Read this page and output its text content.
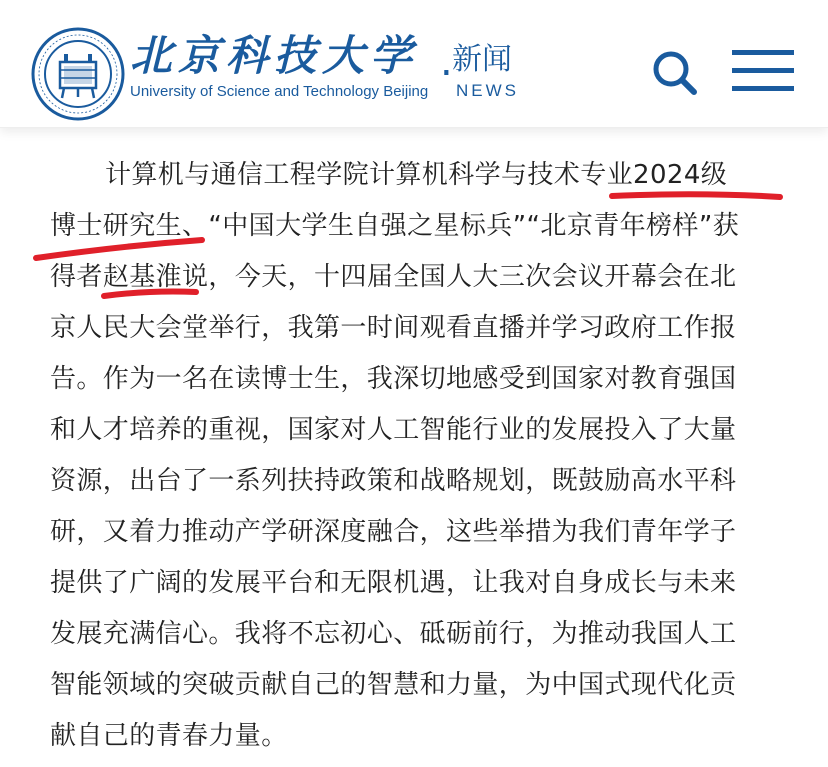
北京科技大学 . 新闻
University of Science and Technology Beijing NEWS
计算机与通信工程学院计算机科学与技术专业2024级
博士研究生、“中国大学生自强之星标兵”“北京青年榜样”获
得者赵基淮说，今天，十四届全国人大三次会议开幕会在北
京人民大会堂举行，我第一时间观看直播并学习政府工作报
告。作为一名在读博士生，我深切地感受到国家对教育强国
和人才培养的重视，国家对人工智能行业的发展投入了大量
资源，出台了一系列扶持政策和战略规划，既鼓励高水平科
研，又着力推动产学研深度融合，这些举措为我们青年学子
提供了广阔的发展平台和无限机遇，让我对自身成长与未来
发展充满信心。我将不忘初心、砥砺前行，为推动我国人工
智能领域的突破贡献自己的智慧和力量，为中国式现代化贡
献自己的青春力量。
